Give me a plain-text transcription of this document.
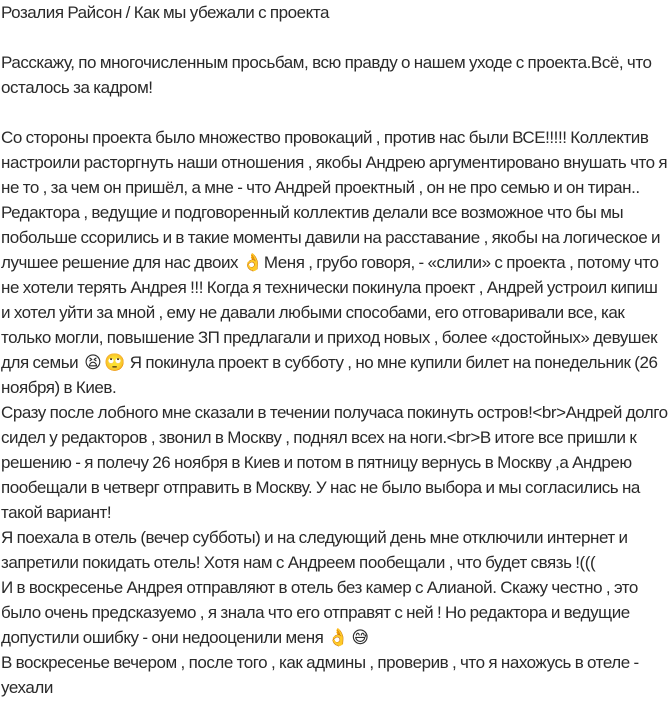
Розалия Райсон / Как мы убежали с проекта

Расскажу, по многочисленным просьбам, всю правду о нашем уходе с проекта.Всё, что осталось за кадром!

Со стороны проекта было множество провокаций , против нас были ВСЕ!!!!! Коллектив настроили расторгнуть наши отношения , якобы Андрею аргументировано внушать что я не то , за чем он пришёл, а мне - что Андрей проектный , он не про семью и он тиран.. Редактора , ведущие и подговоренный коллектив делали все возможное что бы мы побольше ссорились и в такие моменты давили на расставание , якобы на логическое и лучшее решение для нас двоих 👌Меня , грубо говоря, - «слили» с проекта , потому что не хотели терять Андрея !!! Когда я технически покинула проект , Андрей устроил кипиш и хотел уйти за мной , ему не давали любыми способами, его отговаривали все, как только могли, повышение ЗП предлагали и приход новых , более «достойных» девушек для семьи 😫 🙄 Я покинула проект в субботу , но мне купили билет на понедельник (26 ноября) в Киев.

Сразу после лобного мне сказали в течении получаса покинуть остров!<br>Андрей долго сидел у редакторов , звонил в Москву , поднял всех на ноги.<br>В итоге все пришли к решению - я полечу 26 ноября в Киев и потом в пятницу вернусь в Москву ,а Андрею пообещали в четверг отправить в Москву. У нас не было выбора и мы согласились на такой вариант!

Я поехала в отель (вечер субботы) и на следующий день мне отключили интернет и запретили покидать отель! Хотя нам с Андреем пообещали , что будет связь !(((

И в воскресенье Андрея отправляют в отель без камер с Алианой. Скажу честно , это было очень предсказуемо , я знала что его отправят с ней ! Но редактора и ведущие допустили ошибку - они недооценили меня 👌 😅

В воскресенье вечером , после того , как админы , проверив , что я нахожусь в отеле - уехали
